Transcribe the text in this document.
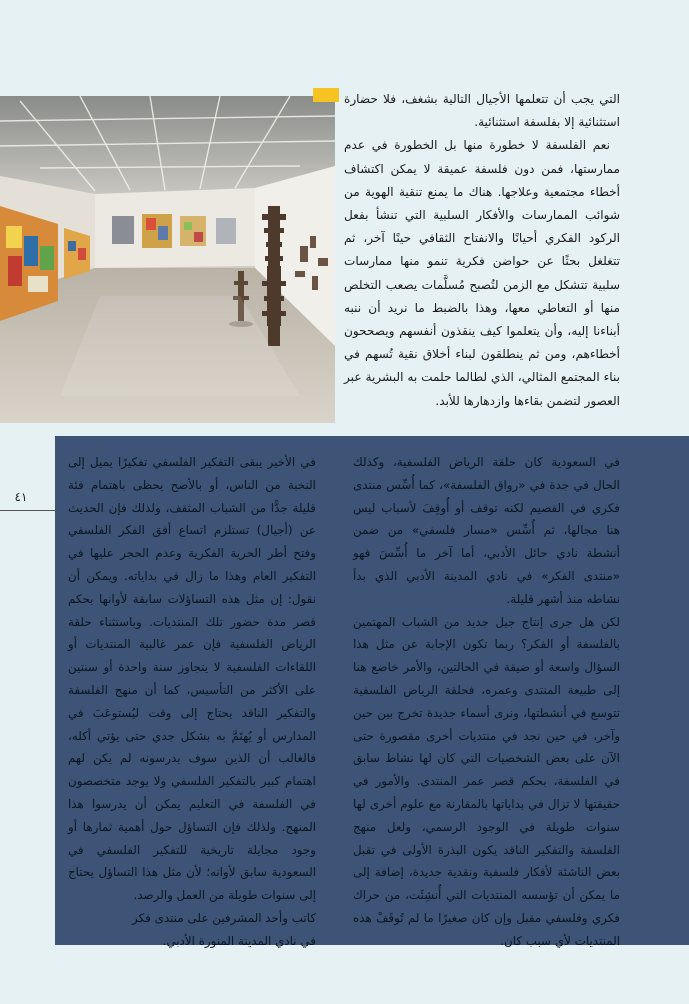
التي يجب أن تتعلمها الأجيال التالية بشغف، فلا حضارة استثنائية إلا بفلسفة استثنائية.

نعم الفلسفة لا خطورة منها بل الخطورة في عدم ممارستها، فمن دون فلسفة عميقة لا يمكن اكتشاف أخطاء مجتمعية وعلاجها. هناك ما يمنع تنقية الهوية من شوائب الممارسات والأفكار السلبية التي تنشأ بفعل الركود الفكري أحيانًا والانفتاح الثقافي حينًا آخر، ثم تتغلغل بحثًا عن حواضن فكرية تنمو منها ممارسات سلبية تتشكل مع الزمن لتُصبح مُسلَّمات يصعب التخلص منها أو التعاطي معها، وهذا بالضبط ما نريد أن ننبه أبناءنا إليه، وأن يتعلموا كيف ينقذون أنفسهم ويصححون أخطاءهم، ومن ثم ينطلقون لبناء أخلاق نقية تُسهم في بناء المجتمع المثالي، الذي لطالما حلمت به البشرية عبر العصور لتضمن بقاءها وازدهارها للأبد.

في السعودية كان حلقة الرياض الفلسفية، وكذلك الحال في جدة في «رواق الفلسفة»، كما أُسِّس منتدى فكري في القصيم لكنه توقف أو أُوقِفَ لأسباب ليس هنا مجالها، ثم أُسِّس «مسار فلسفي» من ضمن أنشطة نادي حائل الأدبي، أما آخر ما أُسِّسَ فهو «منتدى الفكر» في نادي المدينة الأدبي الذي بدأ نشاطه منذ أشهر قليلة.

لكن هل جرى إنتاج جيل جديد من الشباب المهتمين بالفلسفة أو الفكر؟ ربما تكون الإجابة عن مثل هذا السؤال واسعة أو ضيقة في الحالتين، والأمر خاضع هنا إلى طبيعة المنتدى وعمره، فحلقة الرياض الفلسفية تتوسع في أنشطتها، ونرى أسماء جديدة تخرج بين حين وآخر، في حين نجد في منتديات أخرى مقصورة حتى الآن على بعض الشخصيات التي كان لها نشاط سابق في الفلسفة، بحكم قصر عمر المنتدى. والأمور في حقيقتها لا تزال في بداياتها بالمقارنة مع علوم أخرى لها سنوات طويلة في الوجود الرسمي، ولعل منهج الفلسفة والتفكير الناقد يكون البذرة الأولى في تقبل بعض الناشئة لأفكار فلسفية ونقدية جديدة، إضافة إلى ما يمكن أن تؤسسه المنتديات التي أُنشِئَت، من حراك فكري وفلسفي مقبل وإن كان صغيرًا ما لم تُوقَفْ هذه المنتديات لأي سبب كان.

في الأخير يبقى التفكير الفلسفي تفكيرًا يميل إلى النخبة من الناس، أو بالأصح يحظى باهتمام فئة قليلة جدًّا من الشباب المثقف، ولذلك فإن الحديث عن (أجيال) تستلزم اتساع أفق الفكر الفلسفي وفتح أطر الحرية الفكرية وعدم الحجر عليها في التفكير العام وهذا ما زال في بداياته. ويمكن أن نقول: إن مثل هذه التساؤلات سابقة لأوانها بحكم قصر مدة حضور تلك المنتديات. وباستثناء حلقة الرياض الفلسفية فإن عمر غالبية المنتديات أو اللقاءات الفلسفية لا يتجاوز سنة واحدة أو سنتين على الأكثر من التأسيس، كما أن منهج الفلسفة والتفكير الناقد يحتاج إلى وقت ليُستوعَبَ في المدارس أو يُهتَمَّ به بشكل جدي حتى يؤتي أكله، فالغالب أن الذين سوف يدرسونه لم يكن لهم اهتمام كبير بالتفكير الفلسفي ولا يوجد متخصصون في الفلسفة في التعليم يمكن أن يدرسوا هذا المنهج. ولذلك فإن التساؤل حول أهمية ثمارها أو وجود مجايلة تاريخية للتفكير الفلسفي في السعودية سابق لأوانه؛ لأن مثل هذا التساؤل يحتاج إلى سنوات طويلة من العمل والرصد.

كاتب وأحد المشرفين على منتدى فكر

في نادي المدينة المنورة الأدبي.

٤١
